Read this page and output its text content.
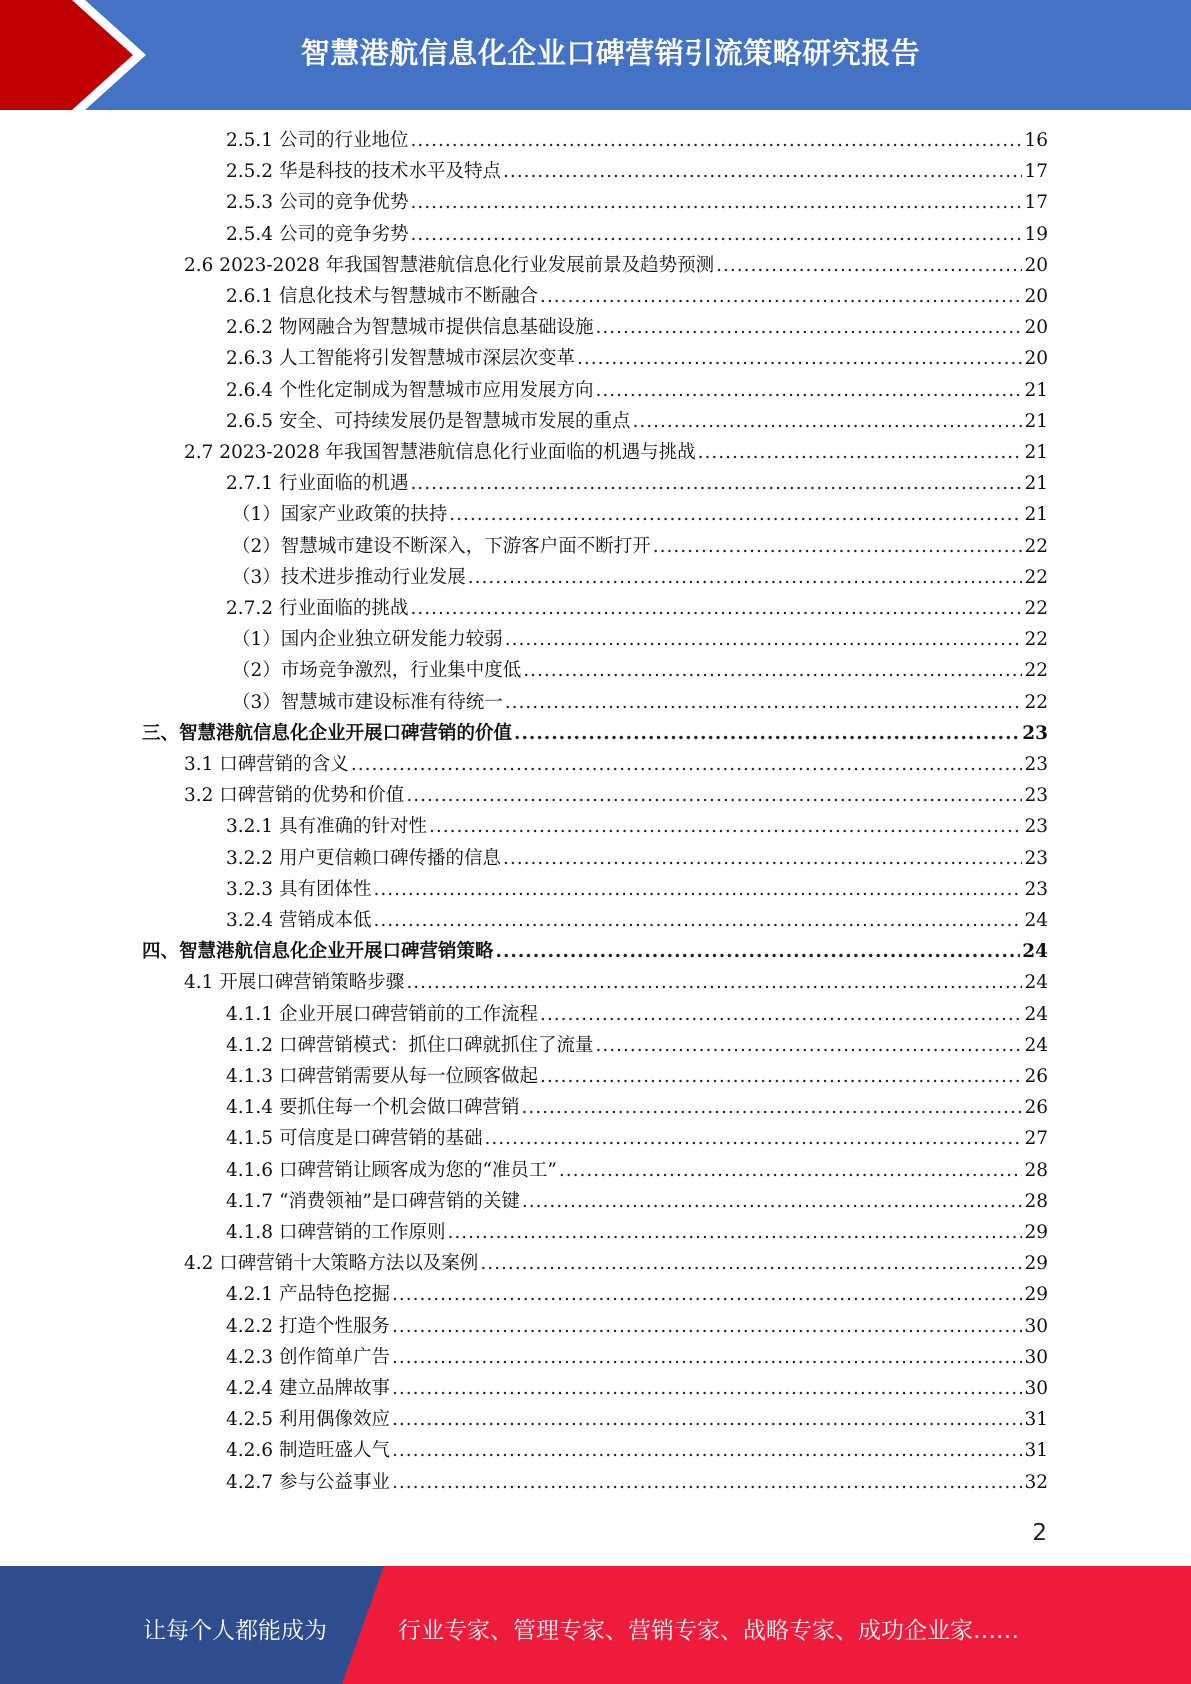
智慧港航信息化企业口碑营销引流策略研究报告
2.5.1 公司的行业地位 .....	16
2.5.2 华是科技的技术水平及特点 .....	17
2.5.3 公司的竞争优势 .....	17
2.5.4 公司的竞争劣势 .....	19
2.6 2023-2028 年我国智慧港航信息化行业发展前景及趋势预测 .....	20
2.6.1 信息化技术与智慧城市不断融合 .....	20
2.6.2 物网融合为智慧城市提供信息基础设施 .....	20
2.6.3 人工智能将引发智慧城市深层次变革 .....	20
2.6.4 个性化定制成为智慧城市应用发展方向 .....	21
2.6.5 安全、可持续发展仍是智慧城市发展的重点 .....	21
2.7 2023-2028 年我国智慧港航信息化行业面临的机遇与挑战 .....	21
2.7.1 行业面临的机遇 .....	21
（1）国家产业政策的扶持 .....	21
（2）智慧城市建设不断深入，下游客户面不断打开 .....	22
（3）技术进步推动行业发展 .....	22
2.7.2 行业面临的挑战 .....	22
（1）国内企业独立研发能力较弱 .....	22
（2）市场竞争激烈，行业集中度低 .....	22
（3）智慧城市建设标准有待统一 .....	22
三、智慧港航信息化企业开展口碑营销的价值 .....	23
3.1 口碑营销的含义 .....	23
3.2 口碑营销的优势和价值 .....	23
3.2.1 具有准确的针对性 .....	23
3.2.2 用户更信赖口碑传播的信息 .....	23
3.2.3 具有团体性 .....	23
3.2.4 营销成本低 .....	24
四、智慧港航信息化企业开展口碑营销策略 .....	24
4.1 开展口碑营销策略步骤 .....	24
4.1.1 企业开展口碑营销前的工作流程 .....	24
4.1.2 口碑营销模式：抓住口碑就抓住了流量 .....	24
4.1.3 口碑营销需要从每一位顾客做起 .....	26
4.1.4 要抓住每一个机会做口碑营销 .....	26
4.1.5 可信度是口碑营销的基础 .....	27
4.1.6 口碑营销让顾客成为您的“准员工” .....	28
4.1.7 “消费领袖”是口碑营销的关键 .....	28
4.1.8 口碑营销的工作原则 .....	29
4.2 口碑营销十大策略方法以及案例 .....	29
4.2.1 产品特色挖掘 .....	29
4.2.2 打造个性服务 .....	30
4.2.3 创作简单广告 .....	30
4.2.4 建立品牌故事 .....	30
4.2.5 利用偶像效应 .....	31
4.2.6 制造旺盛人气 .....	31
4.2.7 参与公益事业 .....	32
2
让每个人都能成为	行业专家、管理专家、营销专家、战略专家、成功企业家……
